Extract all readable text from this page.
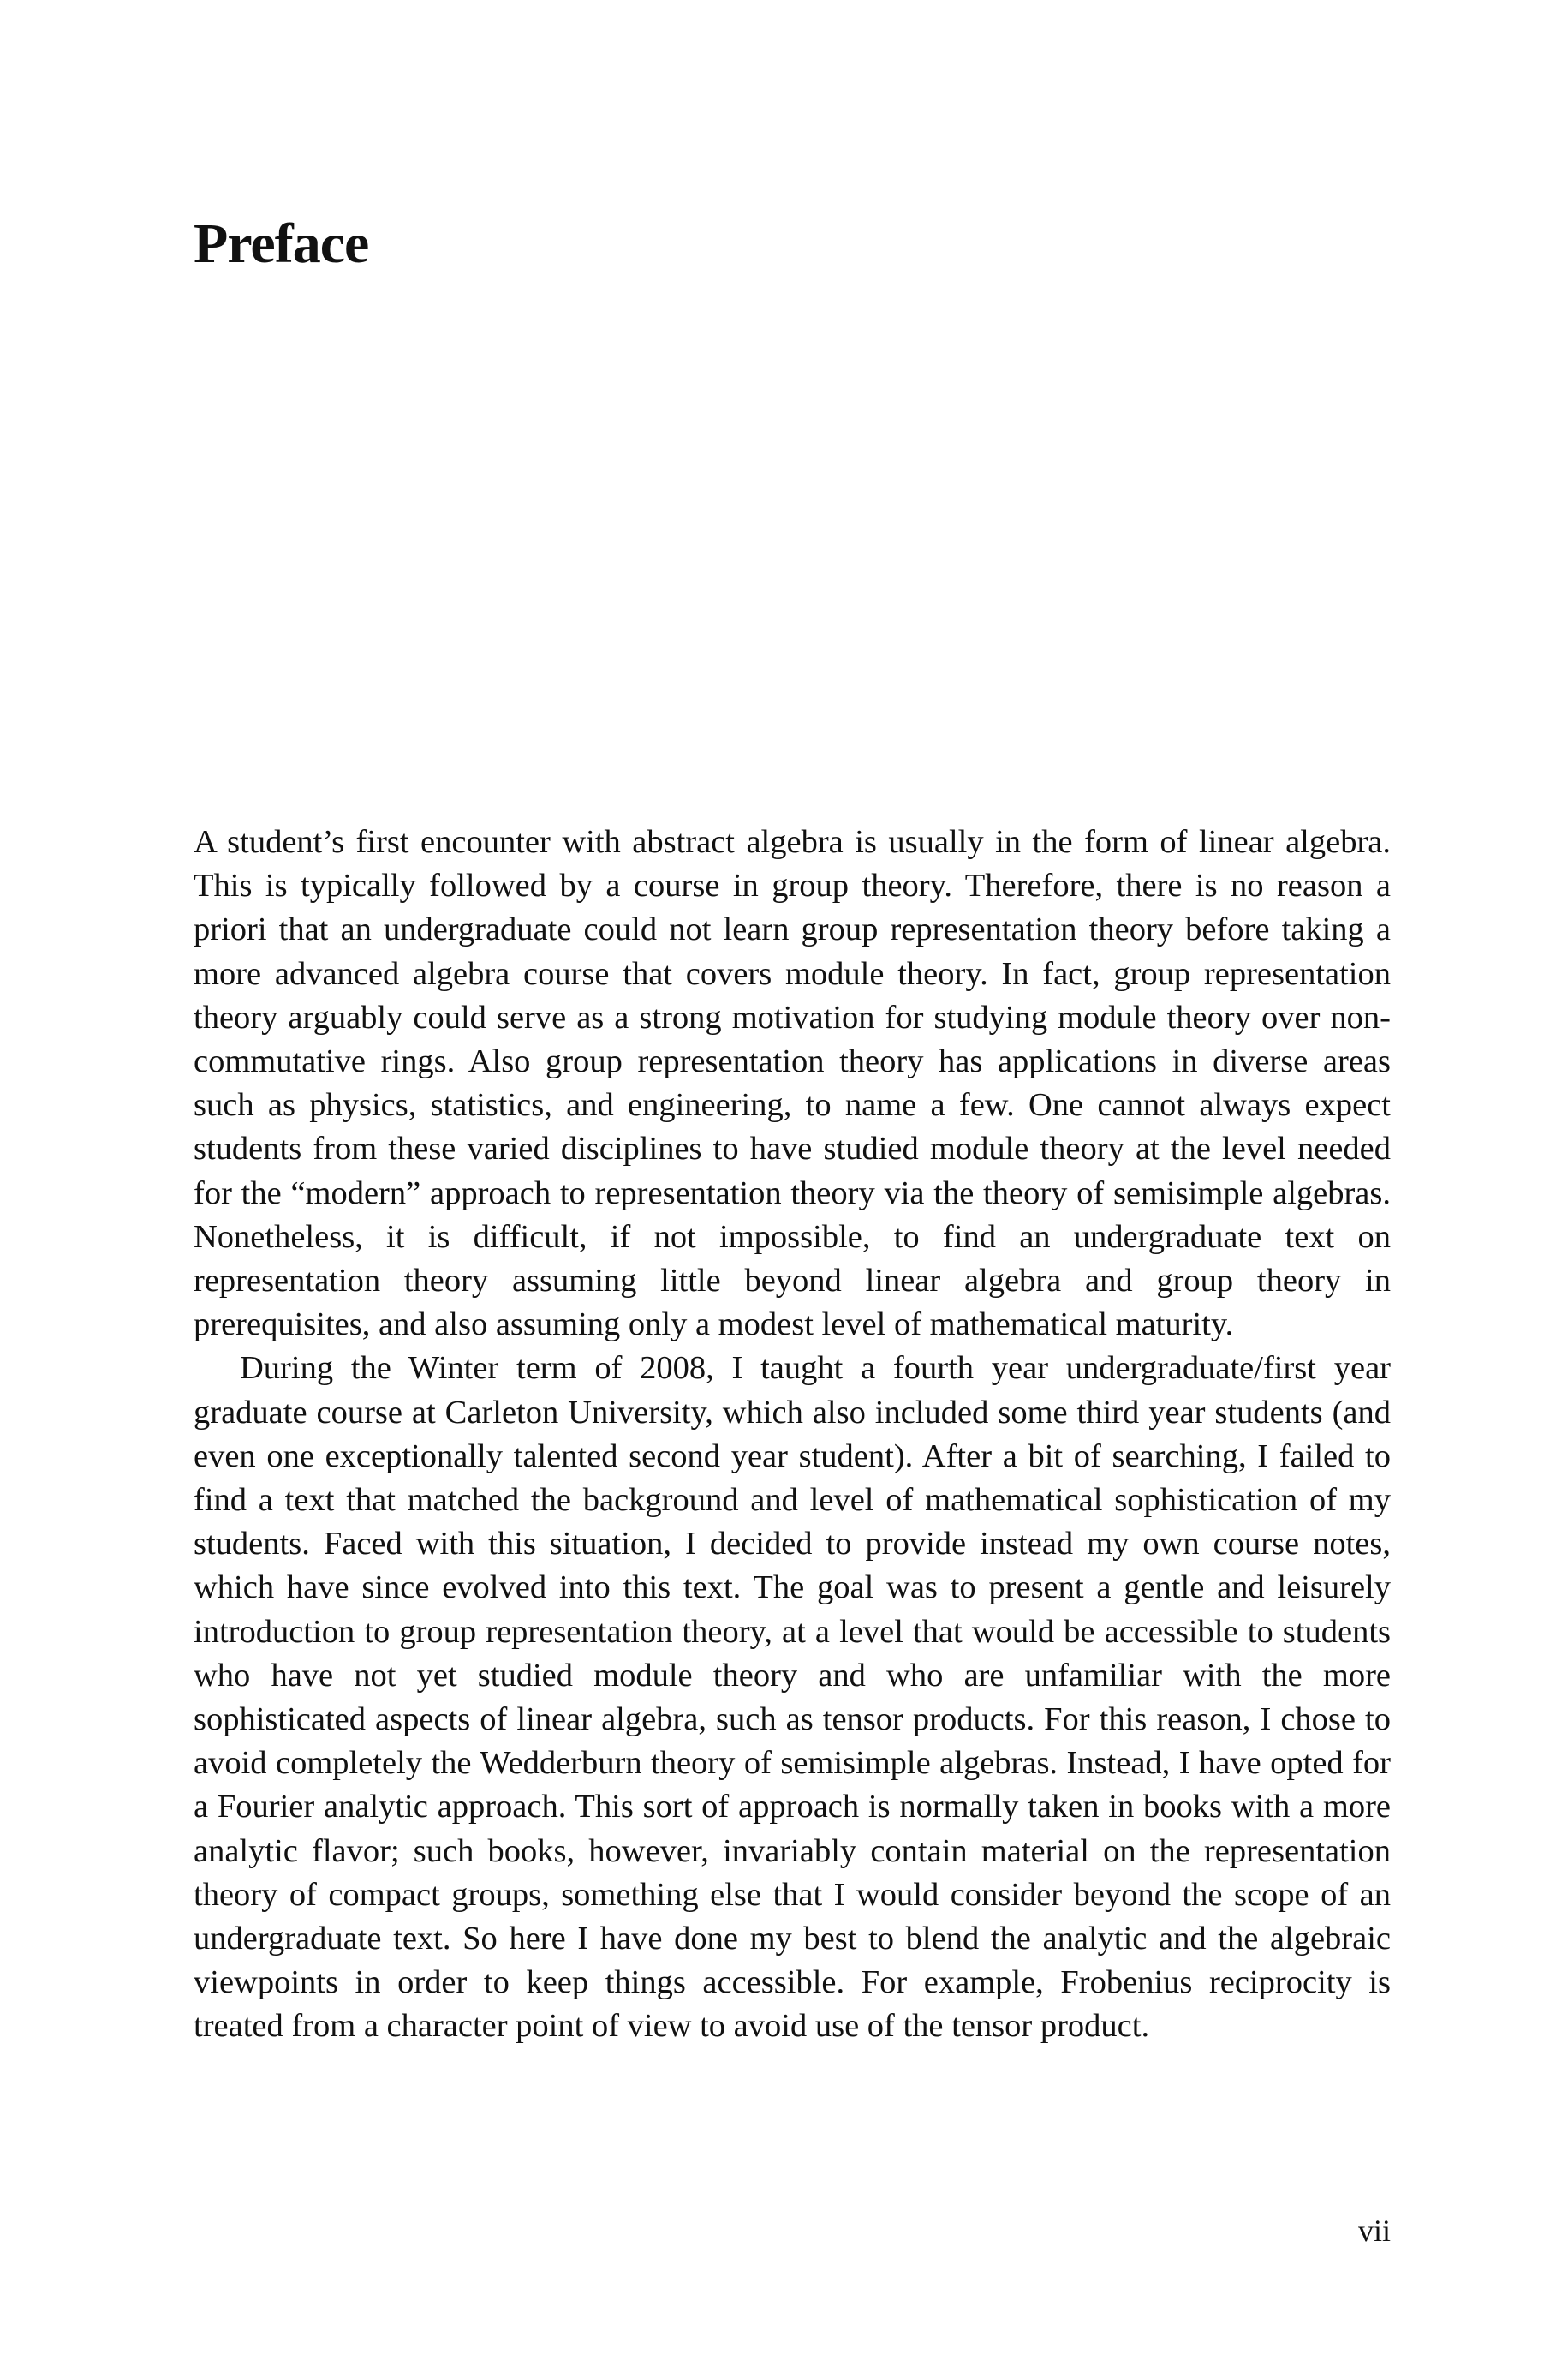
Preface

A student’s first encounter with abstract algebra is usually in the form of linear algebra. This is typically followed by a course in group theory. Therefore, there is no reason a priori that an undergraduate could not learn group representation theory before taking a more advanced algebra course that covers module theory. In fact, group representation theory arguably could serve as a strong motivation for studying module theory over non-commutative rings. Also group representation theory has applications in diverse areas such as physics, statistics, and engineering, to name a few. One cannot always expect students from these varied disciplines to have studied module theory at the level needed for the “modern” approach to representation theory via the theory of semisimple algebras. Nonetheless, it is difficult, if not impossible, to find an undergraduate text on representation theory assuming little beyond linear algebra and group theory in prerequisites, and also assuming only a modest level of mathematical maturity.

During the Winter term of 2008, I taught a fourth year undergraduate/first year graduate course at Carleton University, which also included some third year students (and even one exceptionally talented second year student). After a bit of searching, I failed to find a text that matched the background and level of mathematical sophistication of my students. Faced with this situation, I decided to provide instead my own course notes, which have since evolved into this text. The goal was to present a gentle and leisurely introduction to group representation theory, at a level that would be accessible to students who have not yet studied module theory and who are unfamiliar with the more sophisticated aspects of linear algebra, such as tensor products. For this reason, I chose to avoid completely the Wedderburn theory of semisimple algebras. Instead, I have opted for a Fourier analytic approach. This sort of approach is normally taken in books with a more analytic flavor; such books, however, invariably contain material on the representation theory of compact groups, something else that I would consider beyond the scope of an undergraduate text. So here I have done my best to blend the analytic and the algebraic viewpoints in order to keep things accessible. For example, Frobenius reciprocity is treated from a character point of view to avoid use of the tensor product.

vii
